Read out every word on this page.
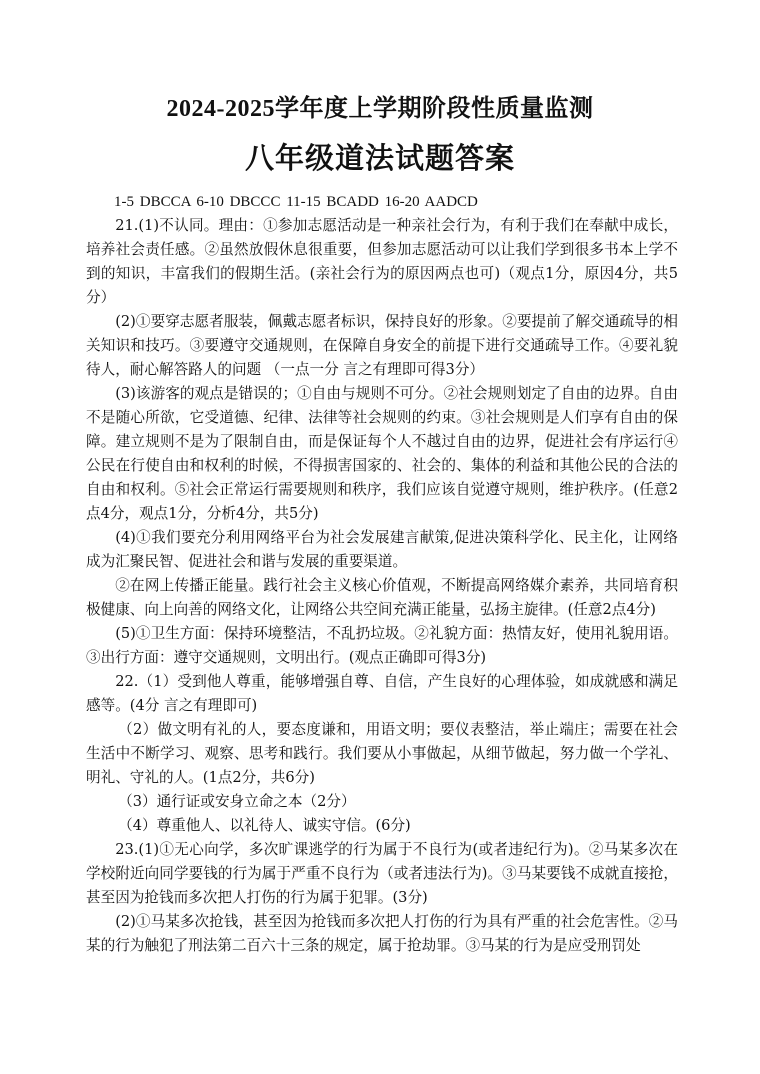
2024-2025学年度上学期阶段性质量监测
八年级道法试题答案
1-5 DBCCA 6-10 DBCCC 11-15 BCADD 16-20 AADCD

21.(1)不认同。理由：①参加志愿活动是一种亲社会行为，有利于我们在奉献中成长，培养社会责任感。②虽然放假休息很重要，但参加志愿活动可以让我们学到很多书本上学不到的知识，丰富我们的假期生活。(亲社会行为的原因两点也可)（观点1分，原因4分，共5分）

(2)①要穿志愿者服装，佩戴志愿者标识，保持良好的形象。②要提前了解交通疏导的相关知识和技巧。③要遵守交通规则，在保障自身安全的前提下进行交通疏导工作。④要礼貌待人，耐心解答路人的问题 （一点一分 言之有理即可得3分）

(3)该游客的观点是错误的；①自由与规则不可分。②社会规则划定了自由的边界。自由不是随心所欲，它受道德、纪律、法律等社会规则的约束。③社会规则是人们享有自由的保障。建立规则不是为了限制自由，而是保证每个人不越过自由的边界，促进社会有序运行④公民在行使自由和权利的时候，不得损害国家的、社会的、集体的利益和其他公民的合法的自由和权利。⑤社会正常运行需要规则和秩序，我们应该自觉遵守规则，维护秩序。(任意2点4分，观点1分，分析4分，共5分)

(4)①我们要充分利用网络平台为社会发展建言献策,促进决策科学化、民主化，让网络成为汇聚民智、促进社会和谐与发展的重要渠道。

②在网上传播正能量。践行社会主义核心价值观，不断提高网络媒介素养，共同培育积极健康、向上向善的网络文化，让网络公共空间充满正能量，弘扬主旋律。(任意2点4分)

(5)①卫生方面：保持环境整洁，不乱扔垃圾。②礼貌方面：热情友好，使用礼貌用语。③出行方面：遵守交通规则，文明出行。(观点正确即可得3分)

22.（1）受到他人尊重，能够增强自尊、自信，产生良好的心理体验，如成就感和满足感等。(4分 言之有理即可)

（2）做文明有礼的人，要态度谦和，用语文明；要仪表整洁，举止端庄；需要在社会生活中不断学习、观察、思考和践行。我们要从小事做起，从细节做起，努力做一个学礼、明礼、守礼的人。(1点2分，共6分)

（3）通行证或安身立命之本（2分）

（4）尊重他人、以礼待人、诚实守信。(6分)

23.(1)①无心向学，多次旷课逃学的行为属于不良行为(或者违纪行为)。②马某多次在学校附近向同学要钱的行为属于严重不良行为（或者违法行为)。③马某要钱不成就直接抢，甚至因为抢钱而多次把人打伤的行为属于犯罪。(3分)

(2)①马某多次抢钱，甚至因为抢钱而多次把人打伤的行为具有严重的社会危害性。②马某的行为触犯了刑法第二百六十三条的规定，属于抢劫罪。③马某的行为是应受刑罚处
